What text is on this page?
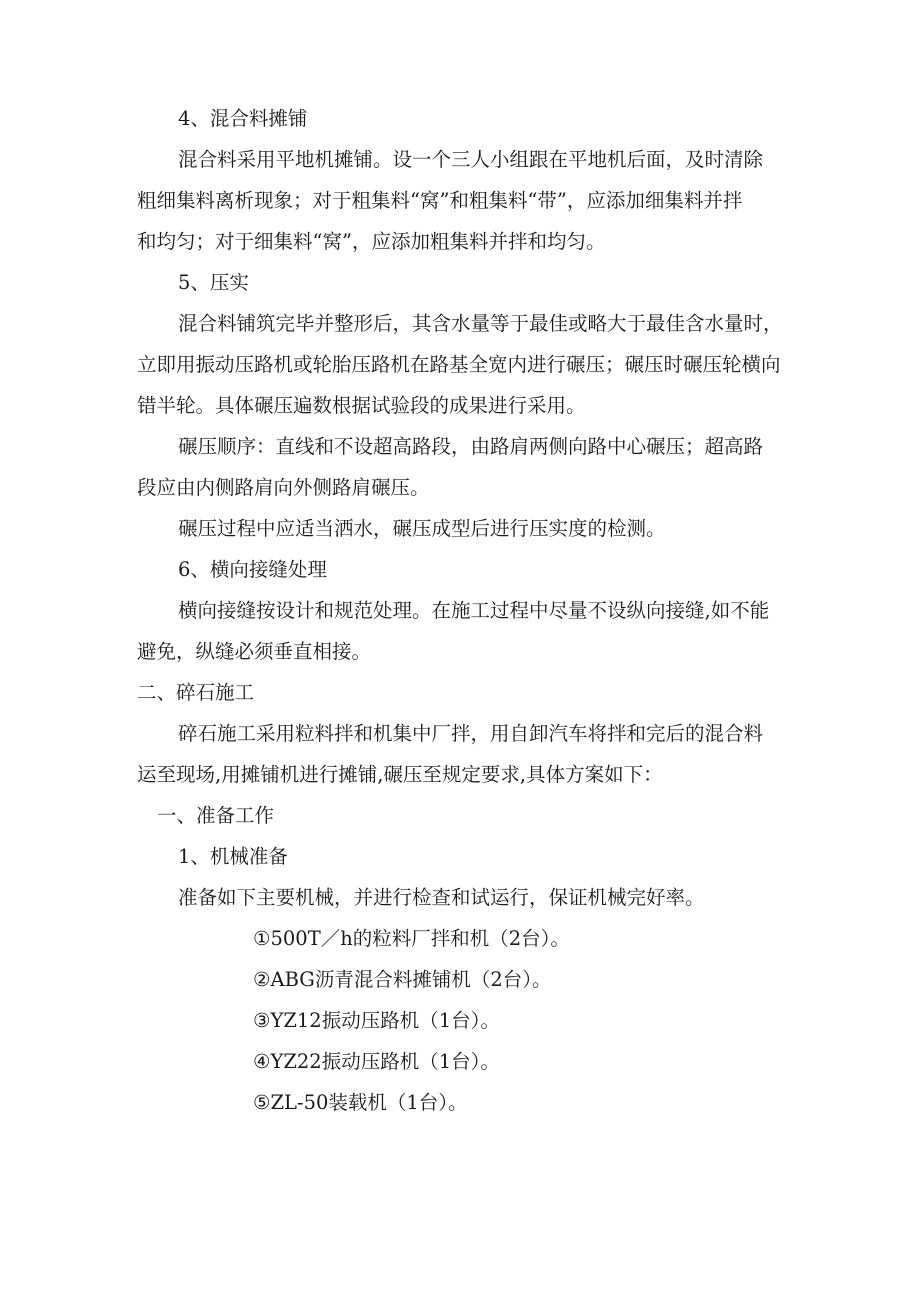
4、混合料摊铺
混合料采用平地机摊铺。设一个三人小组跟在平地机后面，及时清除
粗细集料离析现象；对于粗集料“窝”和粗集料“带”，应添加细集料并拌
和均匀；对于细集料“窝”，应添加粗集料并拌和均匀。
5、压实
混合料铺筑完毕并整形后，其含水量等于最佳或略大于最佳含水量时，
立即用振动压路机或轮胎压路机在路基全宽内进行碾压；碾压时碾压轮横向
错半轮。具体碾压遍数根据试验段的成果进行采用。
碾压顺序：直线和不设超高路段，由路肩两侧向路中心碾压；超高路
段应由内侧路肩向外侧路肩碾压。
碾压过程中应适当洒水，碾压成型后进行压实度的检测。
6、横向接缝处理
横向接缝按设计和规范处理。在施工过程中尽量不设纵向接缝,如不能
避免，纵缝必须垂直相接。
二、碎石施工
碎石施工采用粒料拌和机集中厂拌，用自卸汽车将拌和完后的混合料
运至现场,用摊铺机进行摊铺,碾压至规定要求,具体方案如下：
一、准备工作
1、机械准备
准备如下主要机械，并进行检查和试运行，保证机械完好率。
①500T／h的粒料厂拌和机（2台）。
②ABG沥青混合料摊铺机（2台）。
③YZ12振动压路机（1台）。
④YZ22振动压路机（1台）。
⑤ZL-50装载机（1台）。
